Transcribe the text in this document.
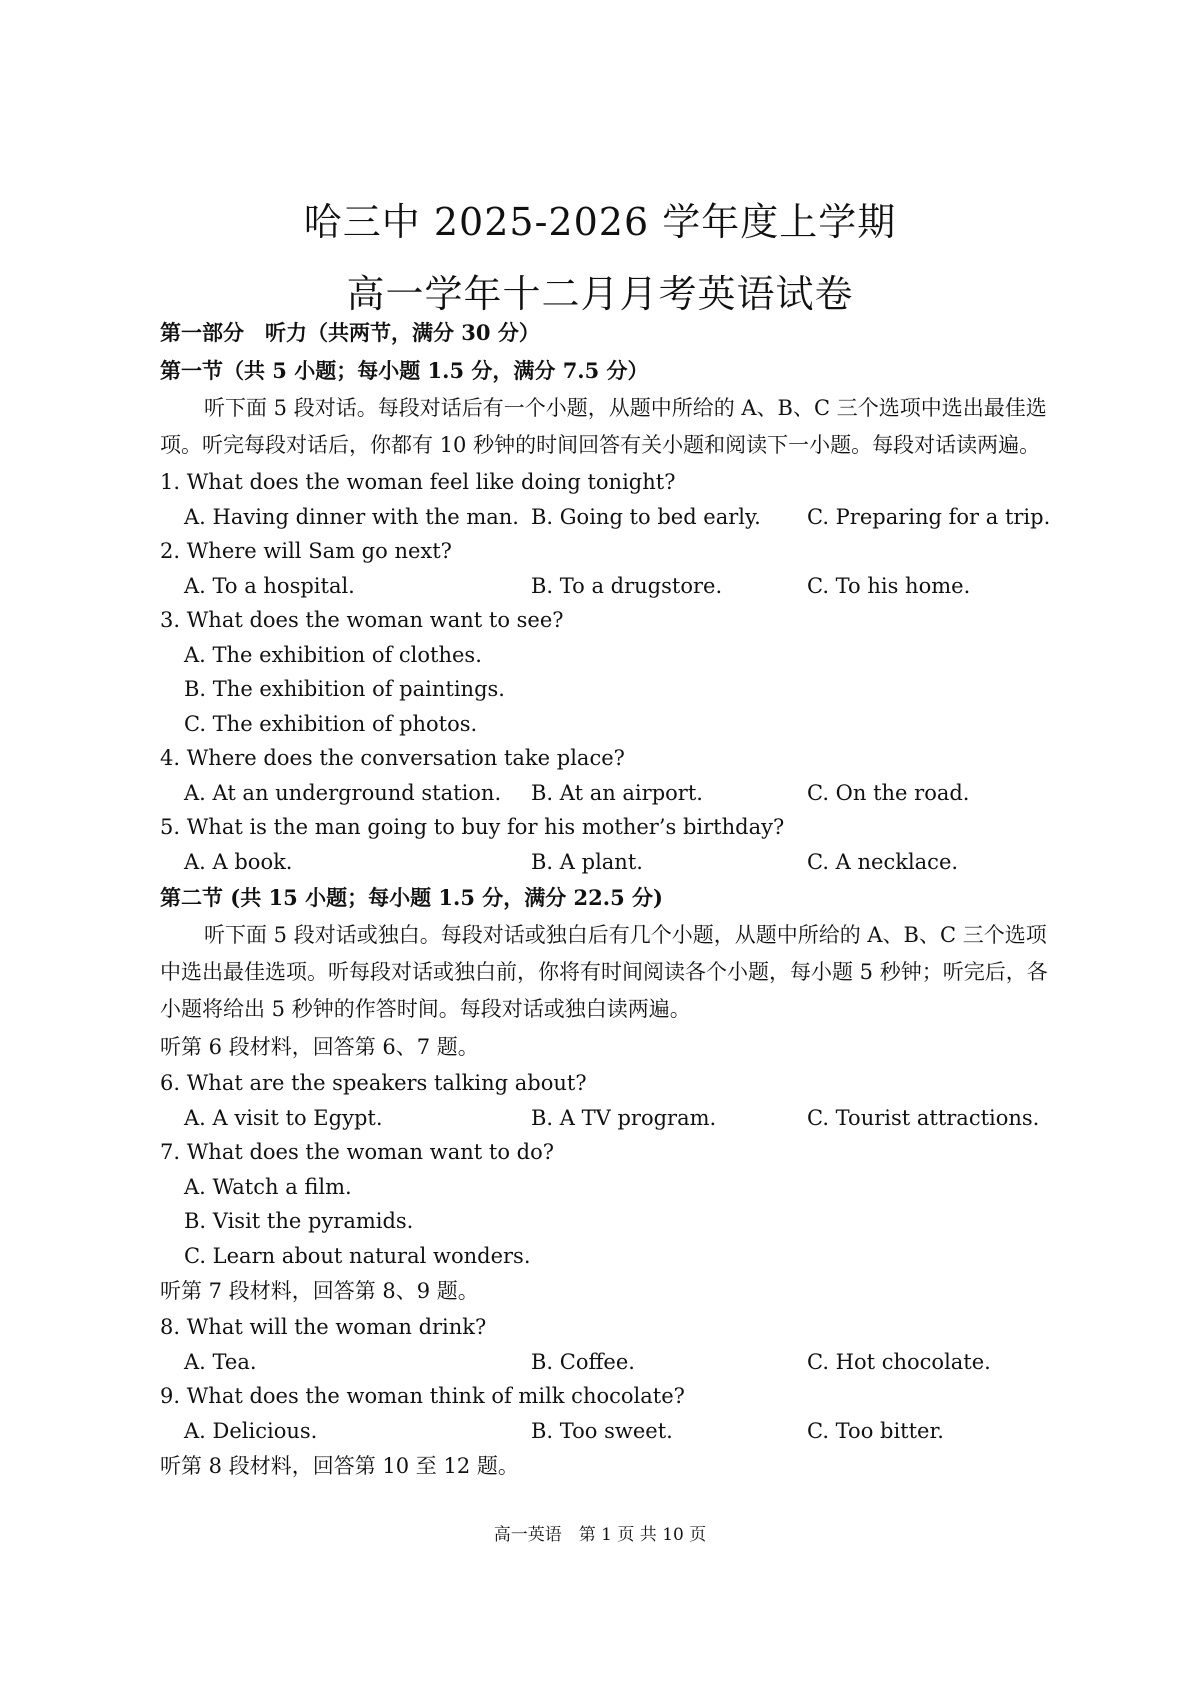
哈三中 2025-2026 学年度上学期
高一学年十二月月考英语试卷
第一部分　听力（共两节，满分 30 分）
第一节（共 5 小题；每小题 1.5 分，满分 7.5 分）
听下面 5 段对话。每段对话后有一个小题，从题中所给的 A、B、C 三个选项中选出最佳选项。听完每段对话后，你都有 10 秒钟的时间回答有关小题和阅读下一小题。每段对话读两遍。
1. What does the woman feel like doing tonight?
A. Having dinner with the man. B. Going to bed early. C. Preparing for a trip.
2. Where will Sam go next?
A. To a hospital.	B. To a drugstore.	C. To his home.
3. What does the woman want to see?
A. The exhibition of clothes.
B. The exhibition of paintings.
C. The exhibition of photos.
4. Where does the conversation take place?
A. At an underground station. B. At an airport.	C. On the road.
5. What is the man going to buy for his mother’s birthday?
A. A book.	B. A plant.	C. A necklace.
第二节 (共 15 小题；每小题 1.5 分，满分 22.5 分)
听下面 5 段对话或独白。每段对话或独白后有几个小题，从题中所给的 A、B、C 三个选项中选出最佳选项。听每段对话或独白前，你将有时间阅读各个小题，每小题 5 秒钟；听完后，各小题将给出 5 秒钟的作答时间。每段对话或独白读两遍。
听第 6 段材料，回答第 6、7 题。
6. What are the speakers talking about?
A. A visit to Egypt.	B. A TV program.	C. Tourist attractions.
7. What does the woman want to do?
A. Watch a film.
B. Visit the pyramids.
C. Learn about natural wonders.
听第 7 段材料，回答第 8、9 题。
8. What will the woman drink?
A. Tea.	B. Coffee.	C. Hot chocolate.
9. What does the woman think of milk chocolate?
A. Delicious.	B. Too sweet.	C. Too bitter.
听第 8 段材料，回答第 10 至 12 题。
高一英语　第 1 页 共 10 页
